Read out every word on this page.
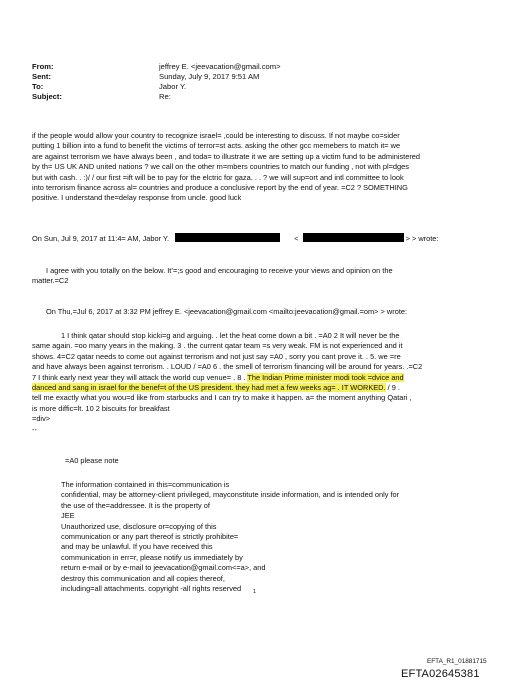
From:	jeffrey E. <jeevacation@gmail.com>
Sent:	Sunday, July 9, 2017 9:51 AM
To:	Jabor Y.
Subject:	Re:
if the people would allow your country to recognize israel= ,could be interesting to discuss. If not maybe co=sider
putting 1 billion into a fund to benefit the victims of terror=st acts. asking the other gcc memebers to match it= we
are against terrorism we have always been , and toda= to illustrate it we are setting up a victim fund to be administered
by th= US UK AND united nations ? we call on the other m=mbers countries to match our funding , not with pl=dges
but with cash. . :)/ / our first =ift will be to pay for the elctric for gaza. . . ? we will sup=ort and intl committee to look
into terrorism finance across al= countries and produce a conclusive report by the end of year. =C2 ? SOMETHING
positive. I understand the=delay response from uncle. good luck
On Sun, Jul 9, 2017 at 11:4= AM, Jabor Y.	<	> > wrote:
I agree with you totally on the below. It’=;s good and encouraging to receive your views and opinion on the
matter.=C2
On Thu,=Jul 6, 2017 at 3:32 PM jeffrey E. <jeevacation@gmail.com <mailto:jeevacation@gmail.=om> > wrote:
1 I think qatar should stop kicki=g and arguing. . let the heat come down a bit . =A0 2 It will never be the
same again. =oo many years in the making. 3 . the current qatar team =s very weak. FM is not experienced and it
shows. 4=C2 qatar needs to come out against terrorism and not just say =A0 , sorry you cant prove it. . 5. we =re
and have always been against terrorism. . LOUD / =A0 6 . the smell of terrorism financing will be around for years. .=C2
7 I think early next year they will attack the world cup venue= . 8 . The Indian Prime minister modi took =dvice and
danced and sang in israel for the benef=t of the US president. they had met a few weeks ag= . IT WORKED. / 9 .
tell me exactly what you wou=d like from starbucks and I can try to make it happen. a= the moment anything Qatari ,
is more diffic=lt. 10 2 biscuits for breakfast
=div>
--
=A0 please note
The information contained in this=communication is
confidential, may be attorney-client privileged, mayconstitute inside information, and is intended only for
the use of the=addressee. It is the property of
JEE
Unauthorized use, disclosure or=copying of this
communication or any part thereof is strictly prohibite=
and may be unlawful. If you have received this
communication in err=r, please notify us immediately by
return e-mail or by e-mail to jeevacation@gmail.com<=a>, and
destroy this communication and all copies thereof,
including=all attachments. copyright -all rights reserved	1
EFTA_R1_01881715
EFTA02645381
